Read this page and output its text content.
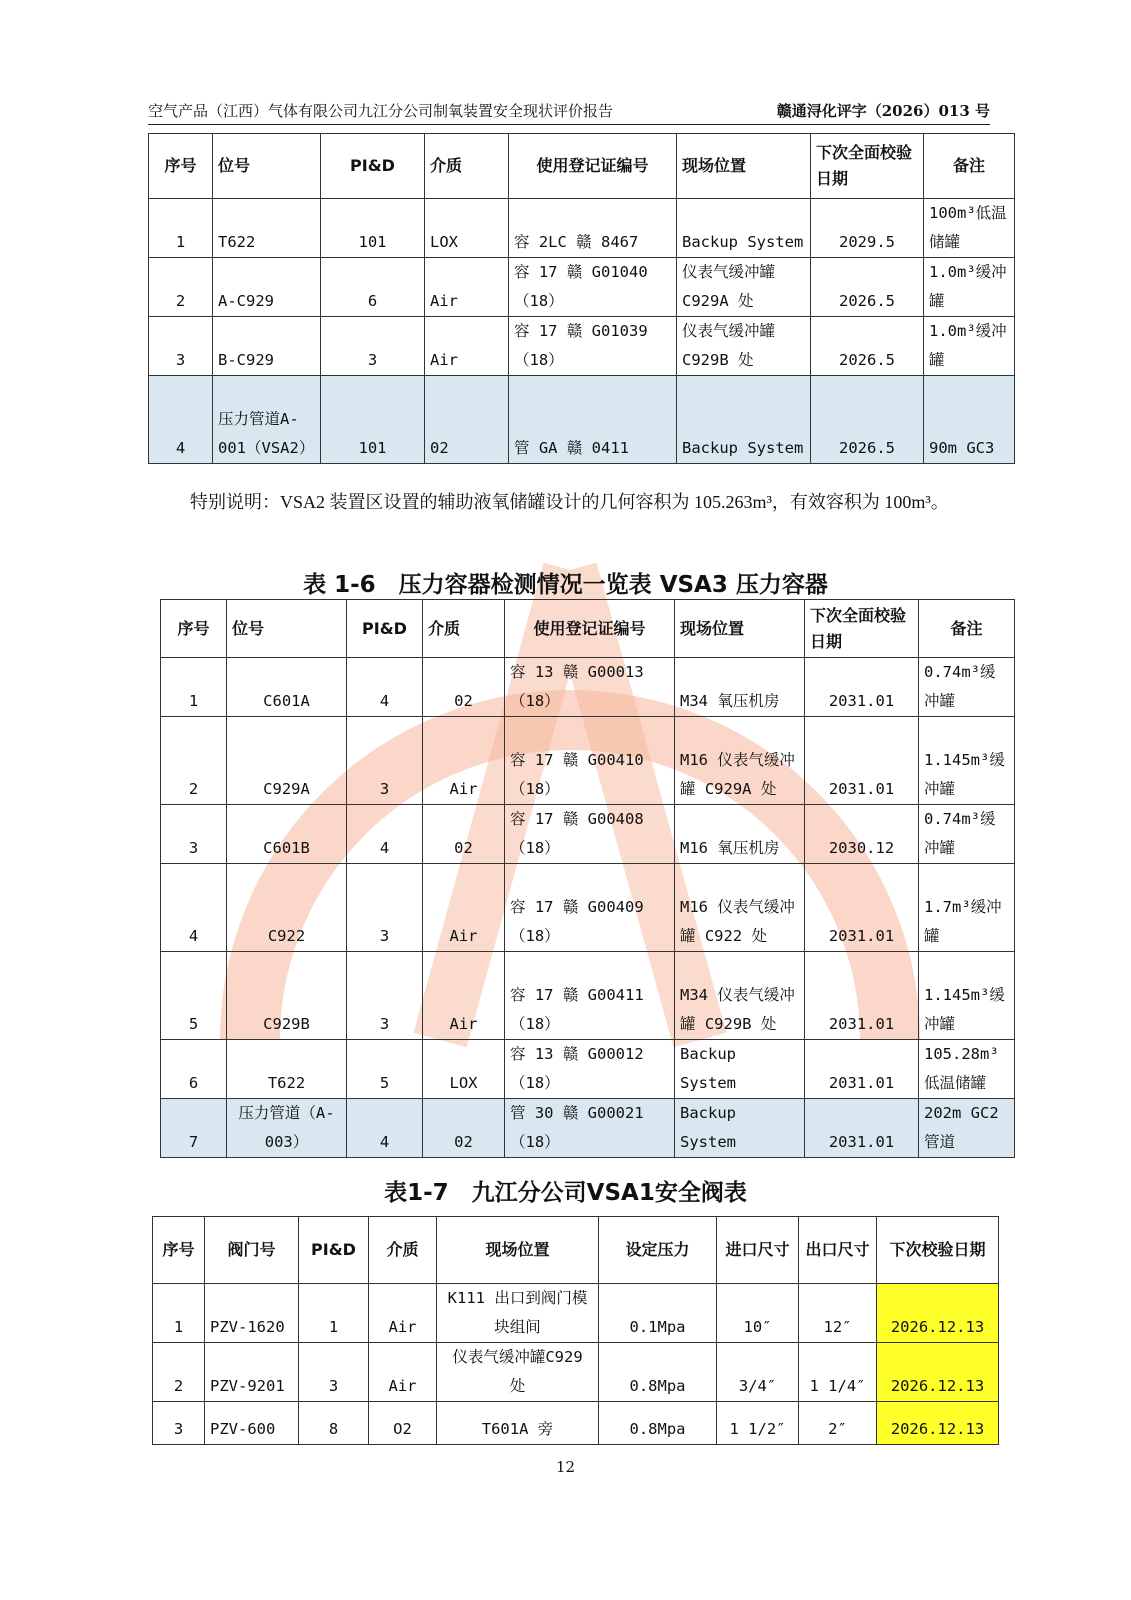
空气产品（江西）气体有限公司九江分公司制氧装置安全现状评价报告	赣通浔化评字（2026）013 号
序号	位号	PI&D	介质	使用登记证编号	现场位置	下次全面校验日期	备注
1	T622	101	LOX	容 2LC 赣 8467	Backup System	2029.5	100m³低温储罐
2	A-C929	6	Air	容 17 赣 G01040（18）	仪表气缓冲罐C929A 处	2026.5	1.0m³缓冲罐
3	B-C929	3	Air	容 17 赣 G01039（18）	仪表气缓冲罐C929B 处	2026.5	1.0m³缓冲罐
4	压力管道A-001（VSA2）	101	02	管 GA 赣 0411	Backup System	2026.5	90m GC3

特别说明：VSA2 装置区设置的辅助液氧储罐设计的几何容积为 105.263m³，有效容积为 100m³。

表 1-6　压力容器检测情况一览表 VSA3 压力容器
序号	位号	PI&D	介质	使用登记证编号	现场位置	下次全面校验日期	备注
1	C601A	4	02	容 13 赣 G00013（18）	M34 氧压机房	2031.01	0.74m³缓冲罐
2	C929A	3	Air	容 17 赣 G00410（18）	M16 仪表气缓冲罐 C929A 处	2031.01	1.145m³缓冲罐
3	C601B	4	02	容 17 赣 G00408（18）	M16 氧压机房	2030.12	0.74m³缓冲罐
4	C922	3	Air	容 17 赣 G00409（18）	M16 仪表气缓冲罐 C922 处	2031.01	1.7m³缓冲罐
5	C929B	3	Air	容 17 赣 G00411（18）	M34 仪表气缓冲罐 C929B 处	2031.01	1.145m³缓冲罐
6	T622	5	LOX	容 13 赣 G00012（18）	Backup System	2031.01	105.28m³低温储罐
7	压力管道（A-003）	4	02	管 30 赣 G00021（18）	Backup System	2031.01	202m GC2管道
表1-7　九江分公司VSA1安全阀表
序号	阀门号	PI&D	介质	现场位置	设定压力	进口尺寸	出口尺寸	下次校验日期
1	PZV-1620	1	Air	K111 出口到阀门模块组间	0.1Mpa	10″	12″	2026.12.13
2	PZV-9201	3	Air	仪表气缓冲罐C929 处	0.8Mpa	3/4″	1 1/4″	2026.12.13
3	PZV-600	8	O2	T601A 旁	0.8Mpa	1 1/2″	2″	2026.12.13
12
